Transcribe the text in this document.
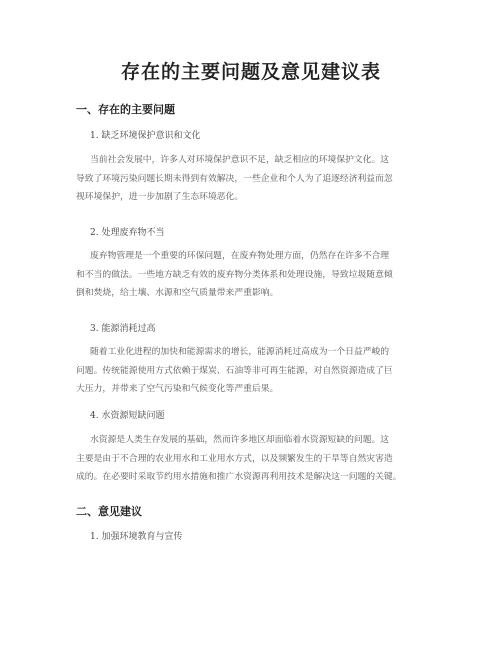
存在的主要问题及意见建议表
一、存在的主要问题
1. 缺乏环境保护意识和文化
当前社会发展中，许多人对环境保护意识不足，缺乏相应的环境保护文化。这
导致了环境污染问题长期未得到有效解决，一些企业和个人为了追逐经济利益而忽
视环境保护，进一步加剧了生态环境恶化。
2. 处理废弃物不当
废弃物管理是一个重要的环保问题，在废弃物处理方面，仍然存在许多不合理
和不当的做法。一些地方缺乏有效的废弃物分类体系和处理设施，导致垃圾随意倾
倒和焚烧，给土壤、水源和空气质量带来严重影响。
3. 能源消耗过高
随着工业化进程的加快和能源需求的增长，能源消耗过高成为一个日益严峻的
问题。传统能源使用方式依赖于煤炭、石油等非可再生能源，对自然资源造成了巨
大压力，并带来了空气污染和气候变化等严重后果。
4. 水资源短缺问题
水资源是人类生存发展的基础，然而许多地区却面临着水资源短缺的问题。这
主要是由于不合理的农业用水和工业用水方式，以及频繁发生的干旱等自然灾害造
成的。在必要时采取节约用水措施和推广水资源再利用技术是解决这一问题的关键。
二、意见建议
1. 加强环境教育与宣传
